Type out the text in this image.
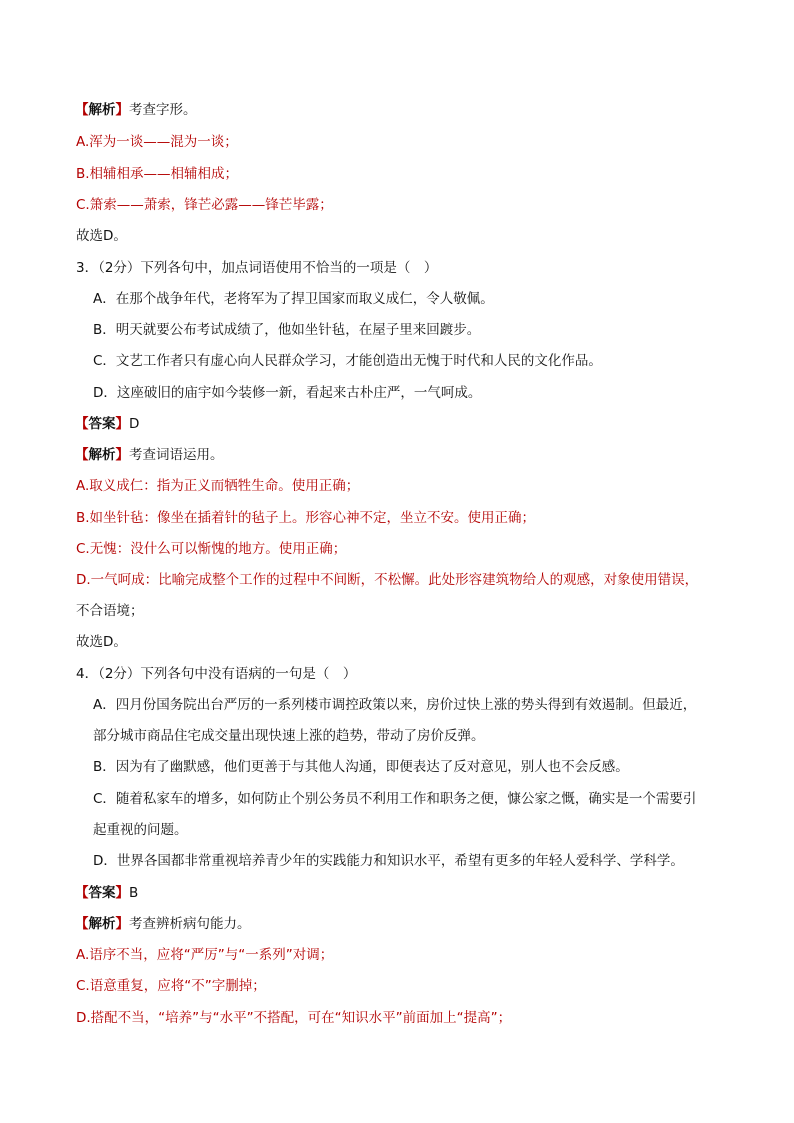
【解析】考查字形。
A.浑为一谈——混为一谈；
B.相辅相承——相辅相成；
C.箫索——萧索，锋芒必露——锋芒毕露；
故选D。
3．（2分）下列各句中，加点词语使用不恰当的一项是（　）
A．在那个战争年代，老将军为了捍卫国家而取义成仁，令人敬佩。
B．明天就要公布考试成绩了，他如坐针毡，在屋子里来回踱步。
C．文艺工作者只有虚心向人民群众学习，才能创造出无愧于时代和人民的文化作品。
D．这座破旧的庙宇如今装修一新，看起来古朴庄严，一气呵成。
【答案】D
【解析】考查词语运用。
A.取义成仁：指为正义而牺牲生命。使用正确；
B.如坐针毡：像坐在插着针的毡子上。形容心神不定，坐立不安。使用正确；
C.无愧：没什么可以惭愧的地方。使用正确；
D.一气呵成：比喻完成整个工作的过程中不间断，不松懈。此处形容建筑物给人的观感，对象使用错误，
不合语境；
故选D。
4．（2分）下列各句中没有语病的一句是（　）
A．四月份国务院出台严厉的一系列楼市调控政策以来，房价过快上涨的势头得到有效遏制。但最近，
部分城市商品住宅成交量出现快速上涨的趋势，带动了房价反弹。
B．因为有了幽默感，他们更善于与其他人沟通，即便表达了反对意见，别人也不会反感。
C．随着私家车的增多，如何防止个别公务员不利用工作和职务之便，慷公家之慨，确实是一个需要引
起重视的问题。
D．世界各国都非常重视培养青少年的实践能力和知识水平，希望有更多的年轻人爱科学、学科学。
【答案】B
【解析】考查辨析病句能力。
A.语序不当，应将“严厉”与“一系列”对调；
C.语意重复，应将“不”字删掉；
D.搭配不当，“培养”与“水平”不搭配，可在“知识水平”前面加上“提高”；
